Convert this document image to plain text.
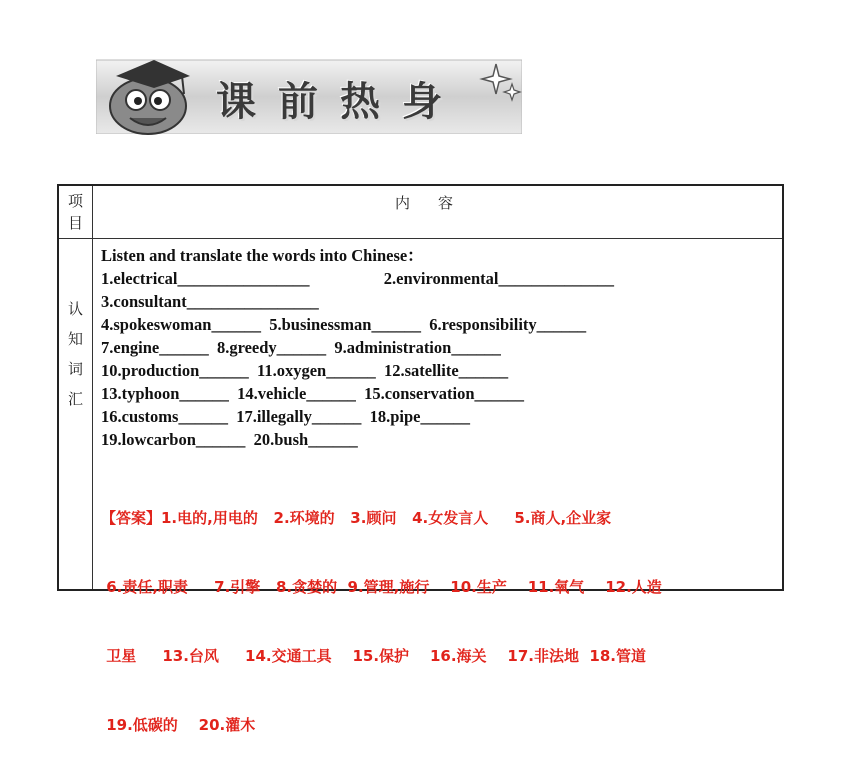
课 前 热 身
项
目
内容
认
知
词
汇
Listen and translate the words into Chinese：
1.electrical________________                  2.environmental______________
3.consultant________________
4.spokeswoman______  5.businessman______  6.responsibility______
7.engine______  8.greedy______  9.administration______
10.production______  11.oxygen______  12.satellite______
13.typhoon______  14.vehicle______  15.conservation______
16.customs______  17.illegally______  18.pipe______
19.lowcarbon______  20.bush______

【答案】1.电的,用电的   2.环境的   3.顾问   4.女发言人     5.商人,企业家

6.责任,职责     7.引擎   8.贪婪的  9.管理,施行    10.生产    11.氧气    12.人造

卫星     13.台风     14.交通工具    15.保护    16.海关    17.非法地  18.管道

19.低碳的    20.灌木
